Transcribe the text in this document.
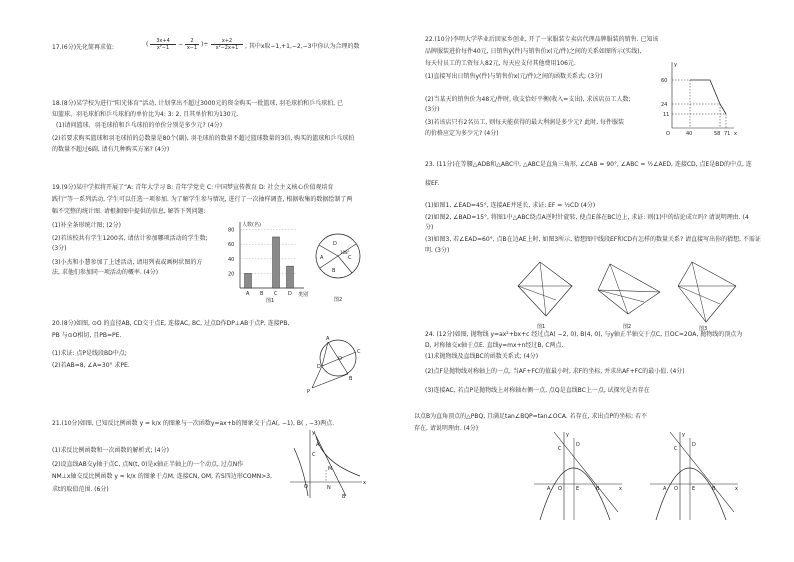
17.(6分)先化简再求值:
3x+4
x²−1	−	2
x−1 )÷	x+2
x²−2x+1
(	, 其中x取−1,+1,−2,−3中你认为合理的数
18.(8分)某学校为进行“阳光体育”活动, 计划拿出不超过3000元的资金购买一批篮球, 羽毛球拍和乒乓球拍, 已
知篮球、羽毛球拍和乒乓球拍的单价比为4: 3: 2, 且其单价和为130元.
(1)请问篮球、羽毛球拍和乒乓球拍的单价分别是多少元? (4分)
(2)若要求购买篮球和羽毛球拍的总数量是80个(副), 羽毛球拍的数量不超过篮球数量的3倍, 购买的篮球和乒乓球拍
的数量不超过6副, 请有几种购买方案? (4分)
19.(9分)某中学拟将开展了“A: 青年大学习 B: 青年学党史 C: 中国梦宣传教育 D: 社会主义核心价值观培育
践行”等一系列活动, 学生可以任选一项参加. 为了解学生参与情况, 进行了一次抽样调查, 根据收集的数据绘制了两
幅不完整的统计图. 请根据图中提供的信息, 解答下列问题:
(1)补全条形统计图; (2分)
(2)若该校共有学生1200名, 请估计参加哪项活动的学生数;
(3分)
(3)小杰和小慧参加了上述活动, 请用列表或画树状图的方
法, 求他们参加同一项活动的概率. (4分)
人数(名)
类别
20
40
60
80
A B C D
图1
D
A
B
C
108°
图2
20.(8分)如图, ⊙O 的直径AB, CD交于点E, 连接AC, BC, 过点D作DP⊥AB于点P, 连接PB,
PB 与⊙O相切, 且PB=PE.
(1)求证: 点P是线段BD中点;
(2)若AB=8, ∠A=30° 求PE.
A
B
C
D
P
O
21.(10分)如图, 已知反比例函数 y = k/x 的图象与一次函数y=ax+b的图象交于点A(, −1), B( , −3)两点.
(1)求反比例函数和一次函数的解析式; (4分)
(2)设直线AB交y轴于点C, 点N(t, 0)是x轴正半轴上的一个动点, 过点N作
NM⊥x轴交反比例函数 y = k/x 的图象于点M, 连接CN, OM, 若S四边形COMN>3,
求t的取值范围. (6分)
x
y
O
A
B
C
N
M
22.(10分)李明大学毕业后回家乡创业, 开了一家服装专卖店代理品牌服装的销售. 已知该
品牌服装进价每件40元, 日销售y(件)与销售价x(元/件)之间的关系如图所示(实线),
每天付员工的工资每人82元, 每天应支付其他费用106元.
(1)直接写出日销售y(件)与销售价x(元/件)之间的函数关系式; (3分)
(2)当某天的销售价为48元/件时, 收支恰好平衡(收入=支出), 求该店员工人数;
(3分)
(3)若该店只有2名员工, 则每天能获得的最大利润是多少元? 此时, 每件服装
的价格应定为多少元? (4分)
y
x
O
60
24
11
40	58 71
23. (11分)在等腰△ADB和△ABC中, △ABC是直角三角形, ∠CAB = 90°, ∠ABC = ½∠AED, 连接CD, 点E是BD的中点, 连
接EF.
(1)如图1, ∠EAD=45°, 连接AE并延长, 求证: EF = ½CD (4分)
(2)如图2, ∠BAD=15°, 将图1中△ABC绕点A逆时针旋转, 使点E落在BC边上, 求证: 则(1)中的结论成立吗? 请说明理由. (4
分)
(3)如图3, 若∠EAD=60°, 点B在边AE上时, 如图3所示, 猜想图中线段EF和CD有怎样的数量关系? 请直接写出你的猜想, 不需证
明. (3分)
图1	图2	图3
24. (12分)如图, 抛物线 y=ax²+bx+c 经过点A( −2, 0), B(4, 0), 与y轴正半轴交于点C, 且OC=2OA, 抛物线的顶点为
D, 对称轴交x轴于点E. 直线y=mx+n经过B, C两点.
(1)求抛物线及直线BC的函数关系式; (4分)
(2)点F是抛物线对称轴上的一点, 当AF+FC的值最小时, 求F的坐标, 并求出AF+FC的最小值. (4分)
(3)连接AC, 若点P是抛物线上对称轴右侧一点, 点Q是直线BC上一点, 试探究是否存在
以点B为直角顶点的△PBQ, 且满足tan∠BQP=tan∠OCA. 若存在, 求出点P的坐标; 若不
存在, 请说明理由. (4分)
y
x
O
A	B
C
D
E
y
x
O
A	B
C
D
E
